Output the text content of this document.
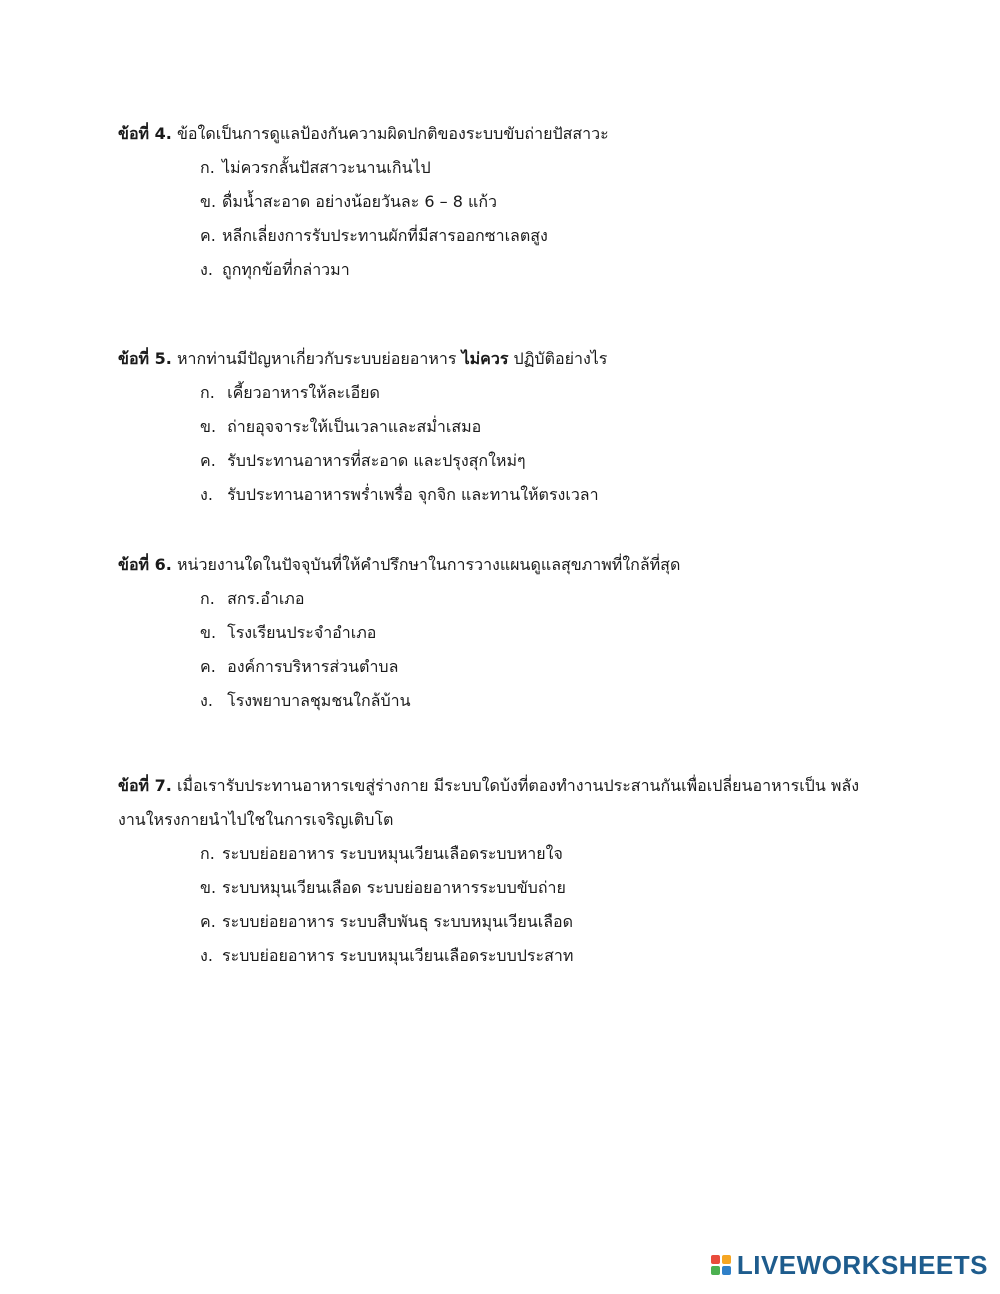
ข้อที่ 4. ข้อใดเป็นการดูแลป้องกันความผิดปกติของระบบขับถ่ายปัสสาวะ

ก. ไม่ควรกลั้นปัสสาวะนานเกินไป
ข. ดื่มน้ำสะอาด อย่างน้อยวันละ 6 – 8 แก้ว
ค. หลีกเลี่ยงการรับประทานผักที่มีสารออกซาเลตสูง
ง. ถูกทุกข้อที่กล่าวมา

ข้อที่ 5. หากท่านมีปัญหาเกี่ยวกับระบบย่อยอาหาร ไม่ควร ปฏิบัติอย่างไร

ก. เคี้ยวอาหารให้ละเอียด
ข. ถ่ายอุจจาระให้เป็นเวลาและสม่ำเสมอ
ค. รับประทานอาหารที่สะอาด และปรุงสุกใหม่ๆ
ง. รับประทานอาหารพร่ำเพรื่อ จุกจิก และทานให้ตรงเวลา

ข้อที่ 6. หน่วยงานใดในปัจจุบันที่ให้คำปรึกษาในการวางแผนดูแลสุขภาพที่ใกล้ที่สุด

ก. สกร.อำเภอ
ข. โรงเรียนประจำอำเภอ
ค. องค์การบริหารส่วนตำบล
ง. โรงพยาบาลชุมชนใกล้บ้าน

ข้อที่ 7. เมื่อเรารับประทานอาหารเขสู่ร่างกาย มีระบบใดบ้งที่ตองทำงานประสานกันเพื่อเปลี่ยนอาหารเป็น พลังงานใหรงกายนำไปใชในการเจริญเติบโต

ก. ระบบย่อยอาหาร ระบบหมุนเวียนเลือดระบบหายใจ
ข. ระบบหมุนเวียนเลือด ระบบย่อยอาหารระบบขับถ่าย
ค. ระบบย่อยอาหาร ระบบสืบพันธุ ระบบหมุนเวียนเลือด
ง. ระบบย่อยอาหาร ระบบหมุนเวียนเลือดระบบประสาท
LIVEWORKSHEETS
